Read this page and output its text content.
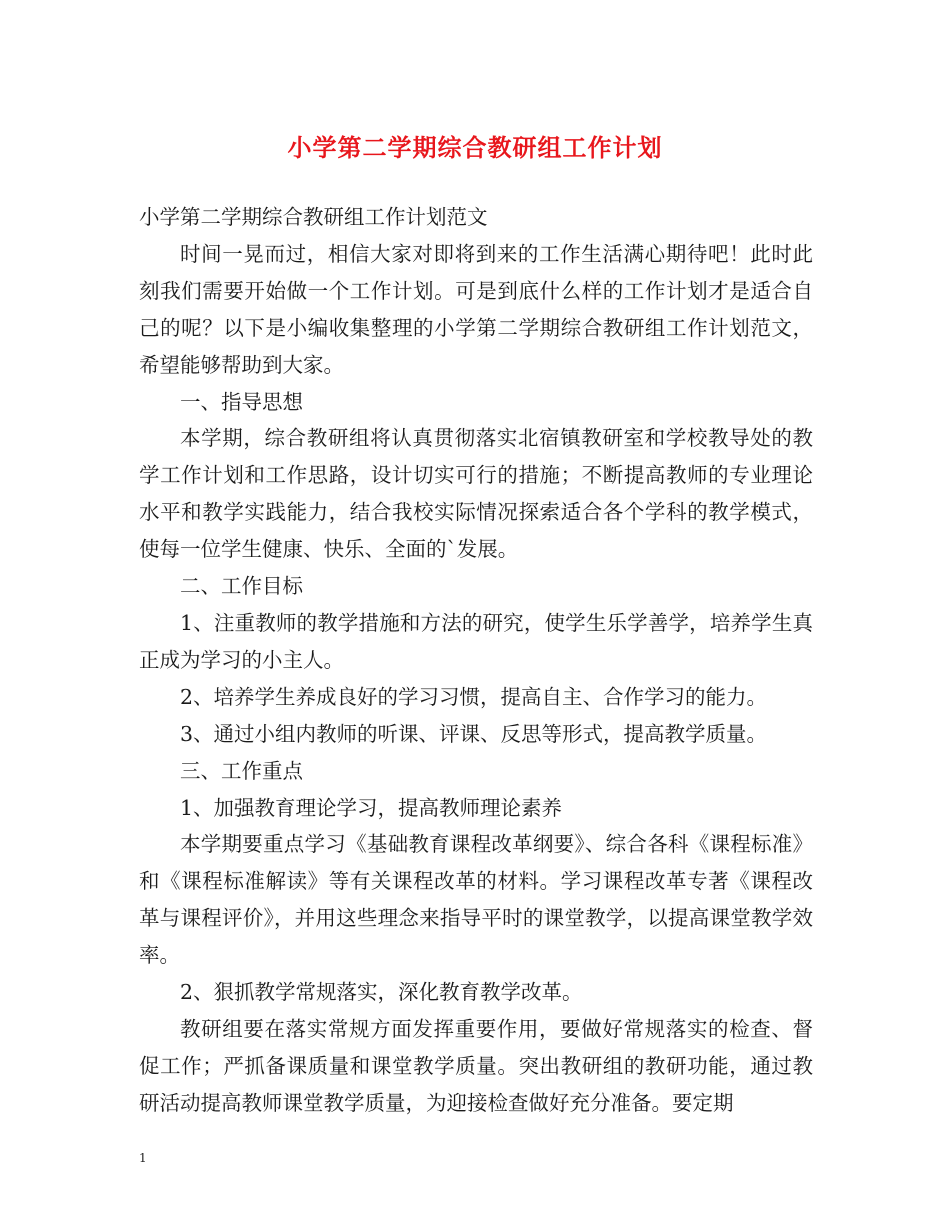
小学第二学期综合教研组工作计划

小学第二学期综合教研组工作计划范文

时间一晃而过，相信大家对即将到来的工作生活满心期待吧！此时此刻我们需要开始做一个工作计划。可是到底什么样的工作计划才是适合自己的呢？以下是小编收集整理的小学第二学期综合教研组工作计划范文，希望能够帮助到大家。

一、指导思想

本学期，综合教研组将认真贯彻落实北宿镇教研室和学校教导处的教学工作计划和工作思路，设计切实可行的措施；不断提高教师的专业理论水平和教学实践能力，结合我校实际情况探索适合各个学科的教学模式，使每一位学生健康、快乐、全面的`发展。

二、工作目标

1、注重教师的教学措施和方法的研究，使学生乐学善学，培养学生真正成为学习的小主人。

2、培养学生养成良好的学习习惯，提高自主、合作学习的能力。

3、通过小组内教师的听课、评课、反思等形式，提高教学质量。

三、工作重点

1、加强教育理论学习，提高教师理论素养

本学期要重点学习《基础教育课程改革纲要》、综合各科《课程标准》和《课程标准解读》等有关课程改革的材料。学习课程改革专著《课程改革与课程评价》，并用这些理念来指导平时的课堂教学，以提高课堂教学效率。

2、狠抓教学常规落实，深化教育教学改革。

教研组要在落实常规方面发挥重要作用，要做好常规落实的检查、督促工作；严抓备课质量和课堂教学质量。突出教研组的教研功能，通过教研活动提高教师课堂教学质量，为迎接检查做好充分准备。要定期

1
